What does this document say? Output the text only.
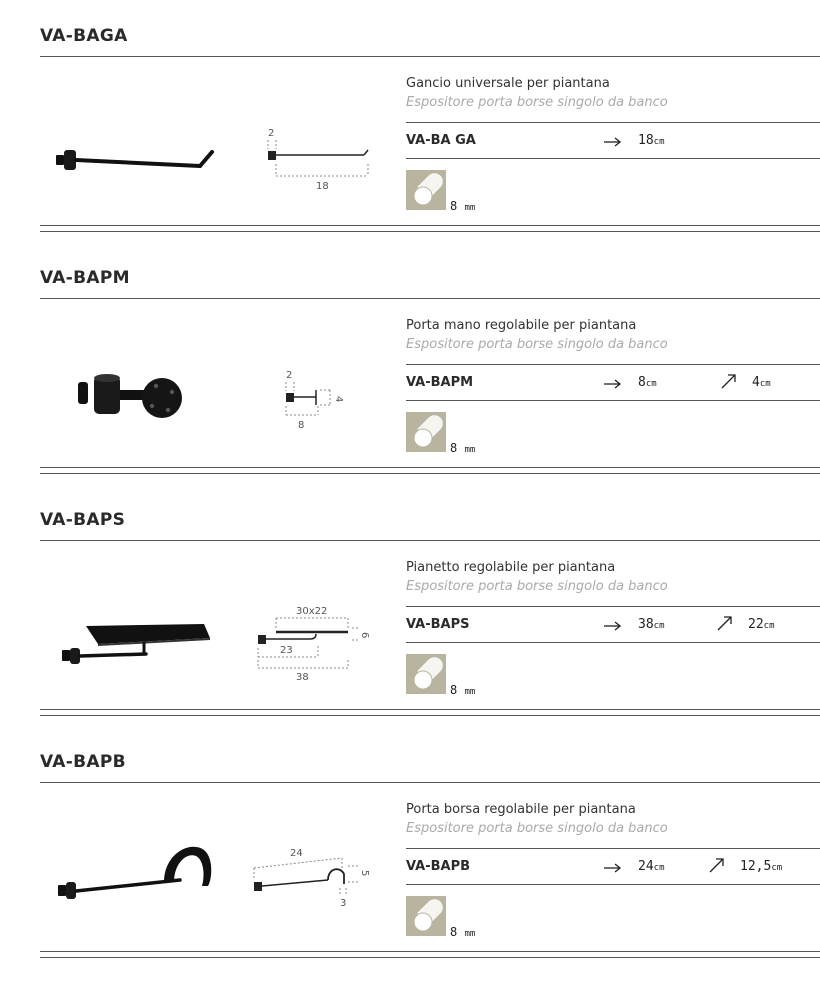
VA-BAGA
2
18
Gancio universale per piantana
Espositore porta borse singolo da banco
VA-BA GA	18cm
8 mm
VA-BAPM
2
4
8
Porta mano regolabile per piantana
Espositore porta borse singolo da banco
VA-BAPM	8cm	4cm
8 mm
VA-BAPS
30x22
6
23
38
Pianetto regolabile per piantana
Espositore porta borse singolo da banco
VA-BAPS	38cm	22cm
8 mm
VA-BAPB
24
5
3
Porta borsa regolabile per piantana
Espositore porta borse singolo da banco
VA-BAPB	24cm	12,5cm
8 mm
